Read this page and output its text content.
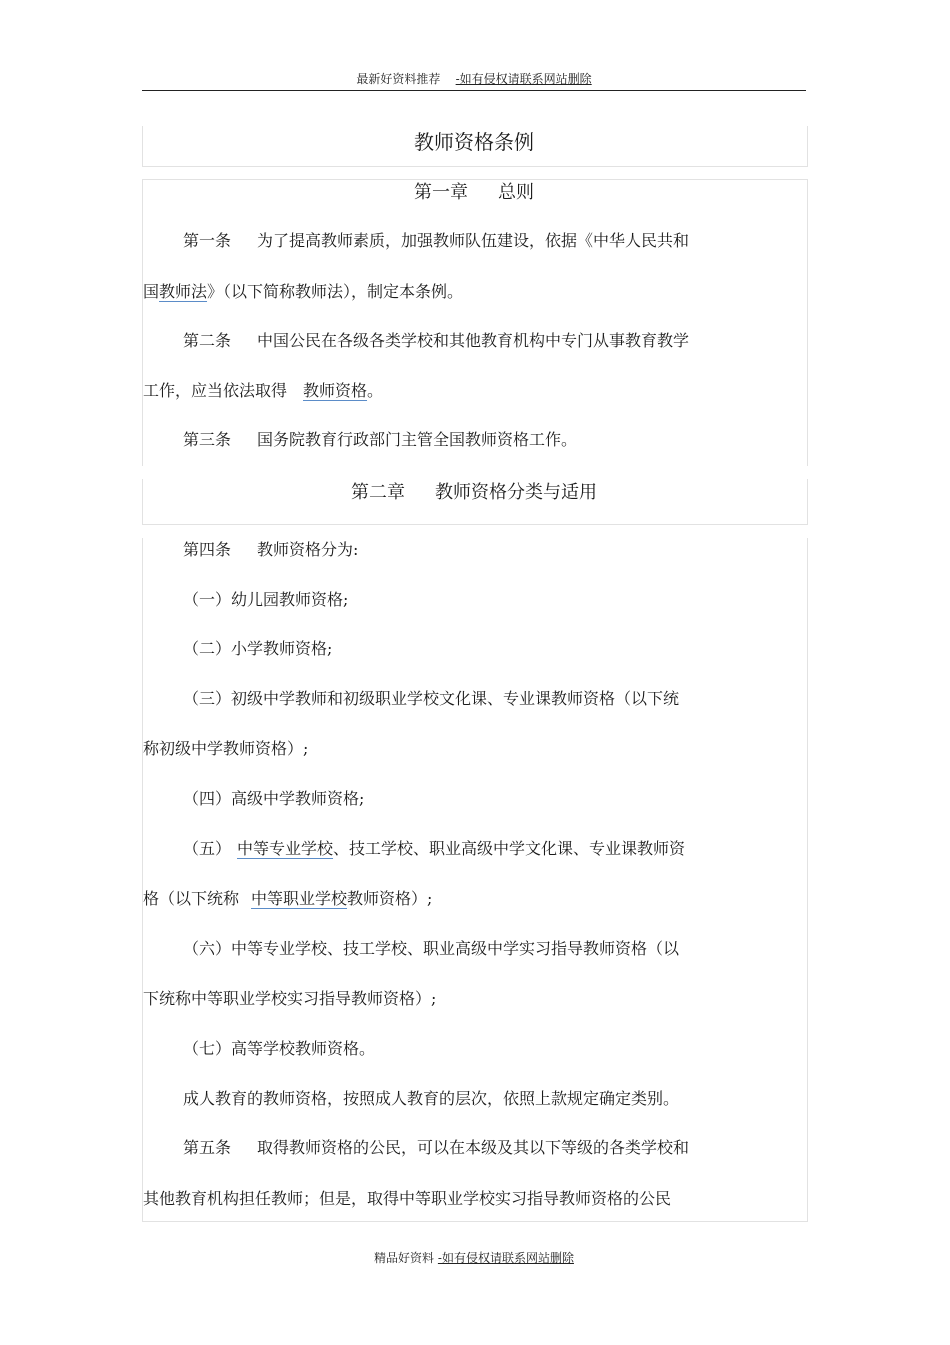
最新好资料推荐 -如有侵权请联系网站删除
教师资格条例
第一章 总则
第一条 为了提高教师素质，加强教师队伍建设，依据《中华人民共和
国教师法》（以下简称教师法），制定本条例。
第二条 中国公民在各级各类学校和其他教育机构中专门从事教育教学
工作，应当依法取得 教师资格。
第三条 国务院教育行政部门主管全国教师资格工作。
第二章 教师资格分类与适用
第四条 教师资格分为:
（一）幼儿园教师资格;
（二）小学教师资格;
（三）初级中学教师和初级职业学校文化课、专业课教师资格（以下统
称初级中学教师资格）;
（四）高级中学教师资格;
（五） 中等专业学校、技工学校、职业高级中学文化课、专业课教师资
格（以下统称 中等职业学校教师资格）;
（六）中等专业学校、技工学校、职业高级中学实习指导教师资格（以
下统称中等职业学校实习指导教师资格）;
（七）高等学校教师资格。
成人教育的教师资格，按照成人教育的层次，依照上款规定确定类别。
第五条 取得教师资格的公民，可以在本级及其以下等级的各类学校和
其他教育机构担任教师；但是，取得中等职业学校实习指导教师资格的公民
精品好资料 -如有侵权请联系网站删除
